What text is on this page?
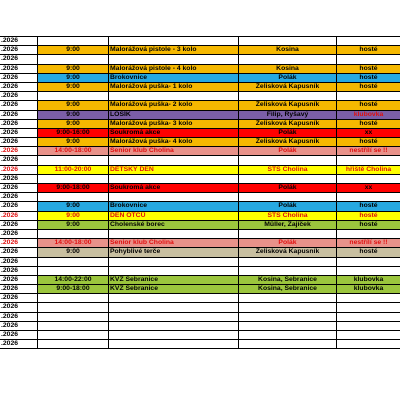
.2026
.2026	9:00	Malorážová pistole - 3 kolo	Kosina	hosté
.2026
.2026	9:00	Malorážová pistole - 4 kolo	Kosina	hosté
.2026	9:00	Brokovnice	Polák	hosté
.2026	9:00	Malorážová puška- 1 kolo	Želisková Kapusník	hosté
.2026
.2026	9:00	Malorážová puška- 2 kolo	Želisková Kapusník	hosté
.2026	9:00	LOSÍK	Filip, Ryšavý	klubovka
.2026	9:00	Malorážová puška- 3 kolo	Želisková Kapusník	hosté
.2026	9:00-16:00	Soukromá akce	Polák	xx
.2026	9:00	Malorážová puška- 4 kolo	Želisková Kapusník	hosté
.2026	14:00-18:00	Senior klub Cholina	Polák	nestřílí se !!
.2026
.2026	11:00-20:00	DĚTSKÝ DEN	STS Cholina	hřiště Cholina
.2026
.2026	9:00-18:00	Soukromá akce	Polák	xx
.2026
.2026	9:00	Brokovnice	Polák	hosté
.2026	9:00	DEN OTCŮ	STS Cholina	hosté
.2026	9:00	Cholenské borec	Müller, Zajíček	hosté
.2026
.2026	14:00-18:00	Senior klub Cholina	Polák	nestřílí se !!
.2026	9:00	Pohyblivé terče	Želisková Kapusník	hosté
.2026
.2026
.2026	14:00-22:00	KVZ Sebranice	Kosina, Sebranice	klubovka
.2026	9:00-18:00	KVZ Sebranice	Kosina, Sebranice	klubovka
.2026
.2026
.2026
.2026
.2026
.2026
